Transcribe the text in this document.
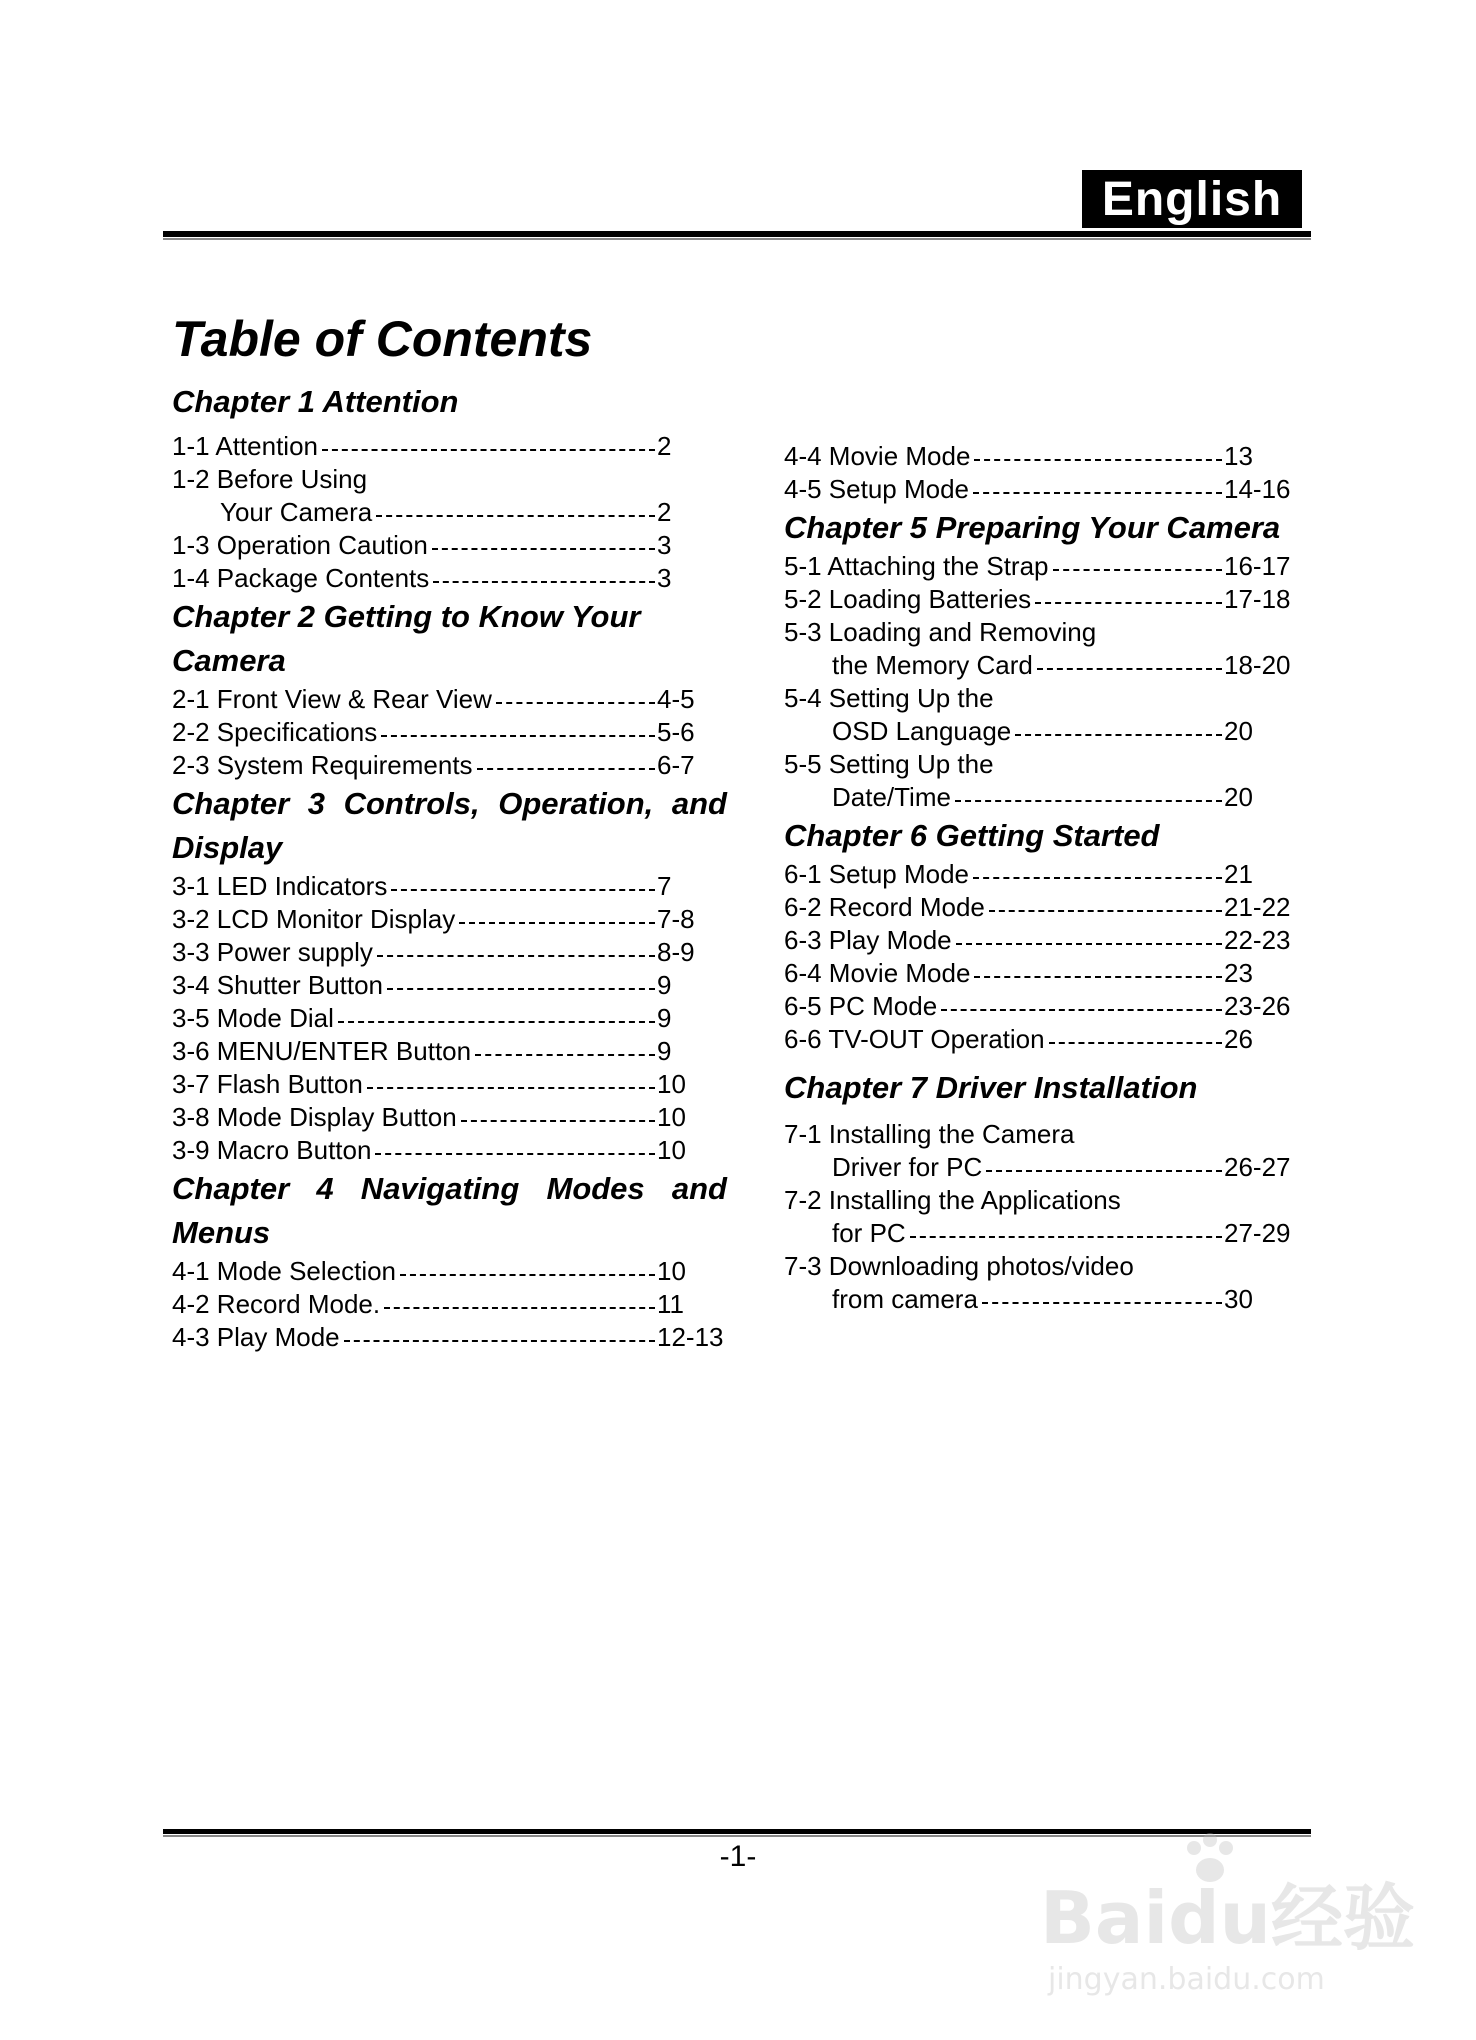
English
Table of Contents
Chapter 1 Attention
1-1 Attention	2
1-2 Before Using
Your Camera	2
1-3 Operation Caution	3
1-4 Package Contents	3
Chapter 2 Getting to Know Your Camera
2-1 Front View & Rear View	4-5
2-2 Specifications	5-6
2-3 System Requirements	6-7
Chapter 3 Controls, Operation, and Display
3-1 LED Indicators	7
3-2 LCD Monitor Display	7-8
3-3 Power supply	8-9
3-4 Shutter Button	9
3-5 Mode Dial	9
3-6 MENU/ENTER Button	9
3-7 Flash Button	10
3-8 Mode Display Button	10
3-9 Macro Button	10
Chapter 4 Navigating Modes and Menus
4-1 Mode Selection	10
4-2 Record Mode.	11
4-3 Play Mode	12-13
4-4 Movie Mode	13
4-5 Setup Mode	14-16
Chapter 5 Preparing Your Camera
5-1 Attaching the Strap	16-17
5-2 Loading Batteries	17-18
5-3 Loading and Removing
the Memory Card	18-20
5-4 Setting Up the
OSD Language	20
5-5 Setting Up the
Date/Time	20
Chapter 6 Getting Started
6-1 Setup Mode	21
6-2 Record Mode	21-22
6-3 Play Mode	22-23
6-4 Movie Mode	23
6-5 PC Mode	23-26
6-6 TV-OUT Operation	26
Chapter 7 Driver Installation
7-1 Installing the Camera
Driver for PC	26-27
7-2 Installing the Applications
for PC	27-29
7-3 Downloading photos/video
from camera	30
-1-
Baidu经验
jingyan.baidu.com
